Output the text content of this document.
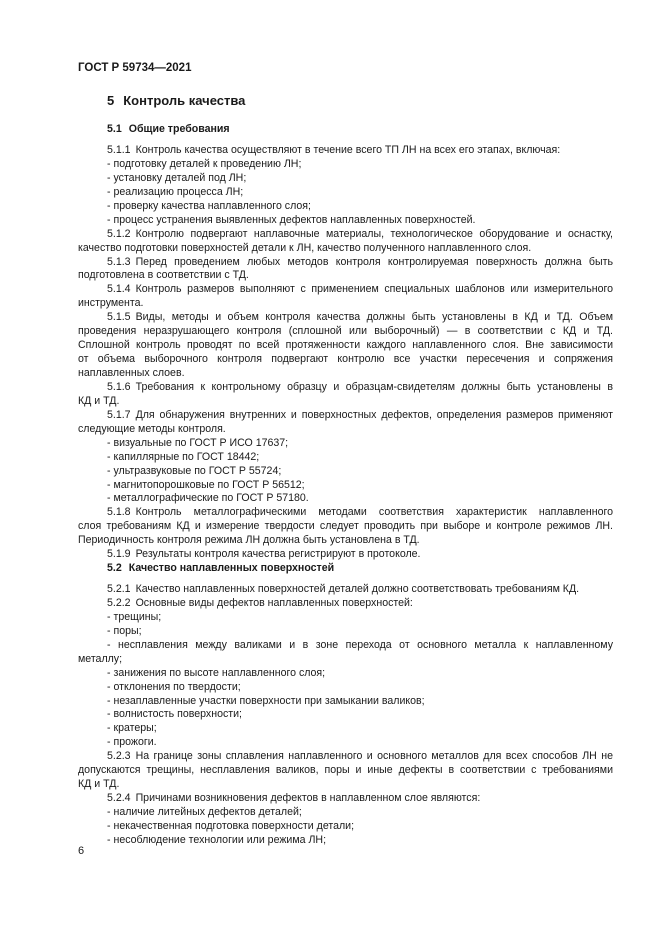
ГОСТ Р 59734—2021
5 Контроль качества
5.1 Общие требования
5.1.1 Контроль качества осуществляют в течение всего ТП ЛН на всех его этапах, включая:
- подготовку деталей к проведению ЛН;
- установку деталей под ЛН;
- реализацию процесса ЛН;
- проверку качества наплавленного слоя;
- процесс устранения выявленных дефектов наплавленных поверхностей.
5.1.2 Контролю подвергают наплавочные материалы, технологическое оборудование и оснастку,
качество подготовки поверхностей детали к ЛН, качество полученного наплавленного слоя.
5.1.3 Перед проведением любых методов контроля контролируемая поверхность должна быть
подготовлена в соответствии с ТД.
5.1.4 Контроль размеров выполняют с применением специальных шаблонов или измерительного
инструмента.
5.1.5 Виды, методы и объем контроля качества должны быть установлены в КД и ТД. Объем
проведения неразрушающего контроля (сплошной или выборочный) — в соответствии с КД и ТД.
Сплошной контроль проводят по всей протяженности каждого наплавленного слоя. Вне зависимости
от объема выборочного контроля подвергают контролю все участки пересечения и сопряжения
наплавленных слоев.
5.1.6 Требования к контрольному образцу и образцам-свидетелям должны быть установлены в
КД и ТД.
5.1.7 Для обнаружения внутренних и поверхностных дефектов, определения размеров применяют
следующие методы контроля.
- визуальные по ГОСТ Р ИСО 17637;
- капиллярные по ГОСТ 18442;
- ультразвуковые по ГОСТ Р 55724;
- магнитопорошковые по ГОСТ Р 56512;
- металлографические по ГОСТ Р 57180.
5.1.8 Контроль металлографическими методами соответствия характеристик наплавленного
слоя требованиям КД и измерение твердости следует проводить при выборе и контроле режимов ЛН.
Периодичность контроля режима ЛН должна быть установлена в ТД.
5.1.9 Результаты контроля качества регистрируют в протоколе.
5.2 Качество наплавленных поверхностей
5.2.1 Качество наплавленных поверхностей деталей должно соответствовать требованиям КД.
5.2.2 Основные виды дефектов наплавленных поверхностей:
- трещины;
- поры;
- несплавления между валиками и в зоне перехода от основного металла к наплавленному
металлу;
- занижения по высоте наплавленного слоя;
- отклонения по твердости;
- незаплавленные участки поверхности при замыкании валиков;
- волнистость поверхности;
- кратеры;
- прожоги.
5.2.3 На границе зоны сплавления наплавленного и основного металлов для всех способов ЛН не
допускаются трещины, несплавления валиков, поры и иные дефекты в соответствии с требованиями
КД и ТД.
5.2.4 Причинами возникновения дефектов в наплавленном слое являются:
- наличие литейных дефектов деталей;
- некачественная подготовка поверхности детали;
- несоблюдение технологии или режима ЛН;
6
